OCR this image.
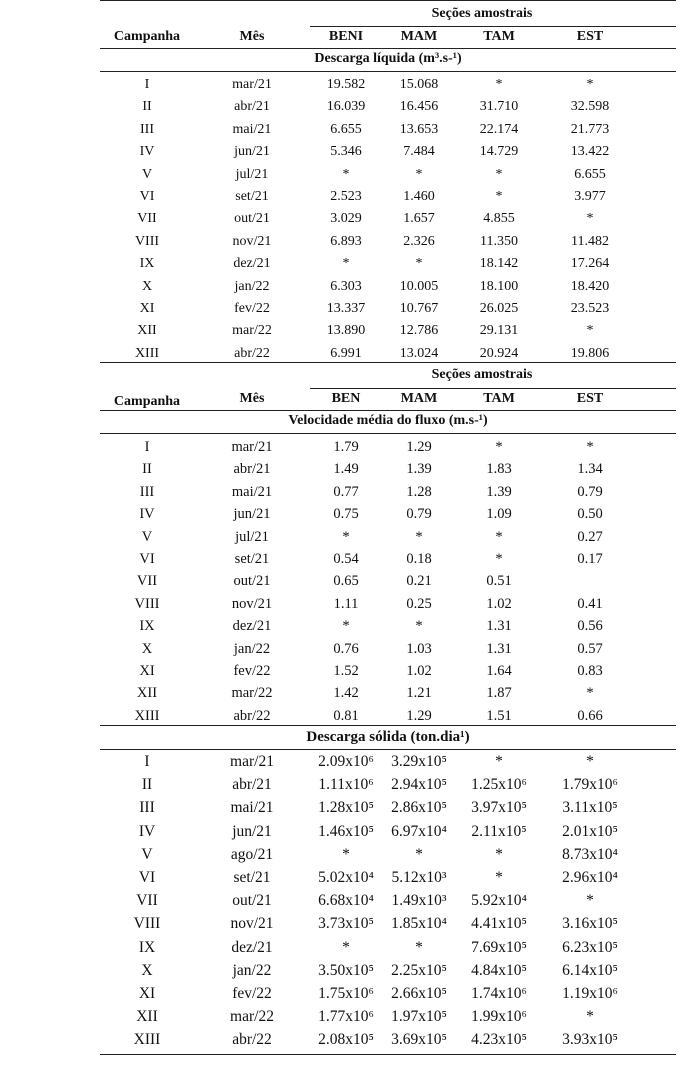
Seções amostrais
Campanha	Mês	BENI	MAM	TAM	EST
Descarga líquida (m³.s-¹)
I	mar/21	19.582	15.068	*	*
II	abr/21	16.039	16.456	31.710	32.598
III	mai/21	6.655	13.653	22.174	21.773
IV	jun/21	5.346	7.484	14.729	13.422
V	jul/21	*	*	*	6.655
VI	set/21	2.523	1.460	*	3.977
VII	out/21	3.029	1.657	4.855	*
VIII	nov/21	6.893	2.326	11.350	11.482
IX	dez/21	*	*	18.142	17.264
X	jan/22	6.303	10.005	18.100	18.420
XI	fev/22	13.337	10.767	26.025	23.523
XII	mar/22	13.890	12.786	29.131	*
XIII	abr/22	6.991	13.024	20.924	19.806
Seções amostrais
Campanha	Mês	BEN	MAM	TAM	EST
Velocidade média do fluxo (m.s-¹)
I	mar/21	1.79	1.29	*	*
II	abr/21	1.49	1.39	1.83	1.34
III	mai/21	0.77	1.28	1.39	0.79
IV	jun/21	0.75	0.79	1.09	0.50
V	jul/21	*	*	*	0.27
VI	set/21	0.54	0.18	*	0.17
VII	out/21	0.65	0.21	0.51
VIII	nov/21	1.11	0.25	1.02	0.41
IX	dez/21	*	*	1.31	0.56
X	jan/22	0.76	1.03	1.31	0.57
XI	fev/22	1.52	1.02	1.64	0.83
XII	mar/22	1.42	1.21	1.87	*
XIII	abr/22	0.81	1.29	1.51	0.66
Descarga sólida (ton.dia¹)
I	mar/21	2.09x10⁶	3.29x10⁵	*	*
II	abr/21	1.11x10⁶	2.94x10⁵	1.25x10⁶	1.79x10⁶
III	mai/21	1.28x10⁵	2.86x10⁵	3.97x10⁵	3.11x10⁵
IV	jun/21	1.46x10⁵	6.97x10⁴	2.11x10⁵	2.01x10⁵
V	ago/21	*	*	*	8.73x10⁴
VI	set/21	5.02x10⁴	5.12x10³	*	2.96x10⁴
VII	out/21	6.68x10⁴	1.49x10³	5.92x10⁴	*
VIII	nov/21	3.73x10⁵	1.85x10⁴	4.41x10⁵	3.16x10⁵
IX	dez/21	*	*	7.69x10⁵	6.23x10⁵
X	jan/22	3.50x10⁵	2.25x10⁵	4.84x10⁵	6.14x10⁵
XI	fev/22	1.75x10⁶	2.66x10⁵	1.74x10⁶	1.19x10⁶
XII	mar/22	1.77x10⁶	1.97x10⁵	1.99x10⁶	*
XIII	abr/22	2.08x10⁵	3.69x10⁵	4.23x10⁵	3.93x10⁵
